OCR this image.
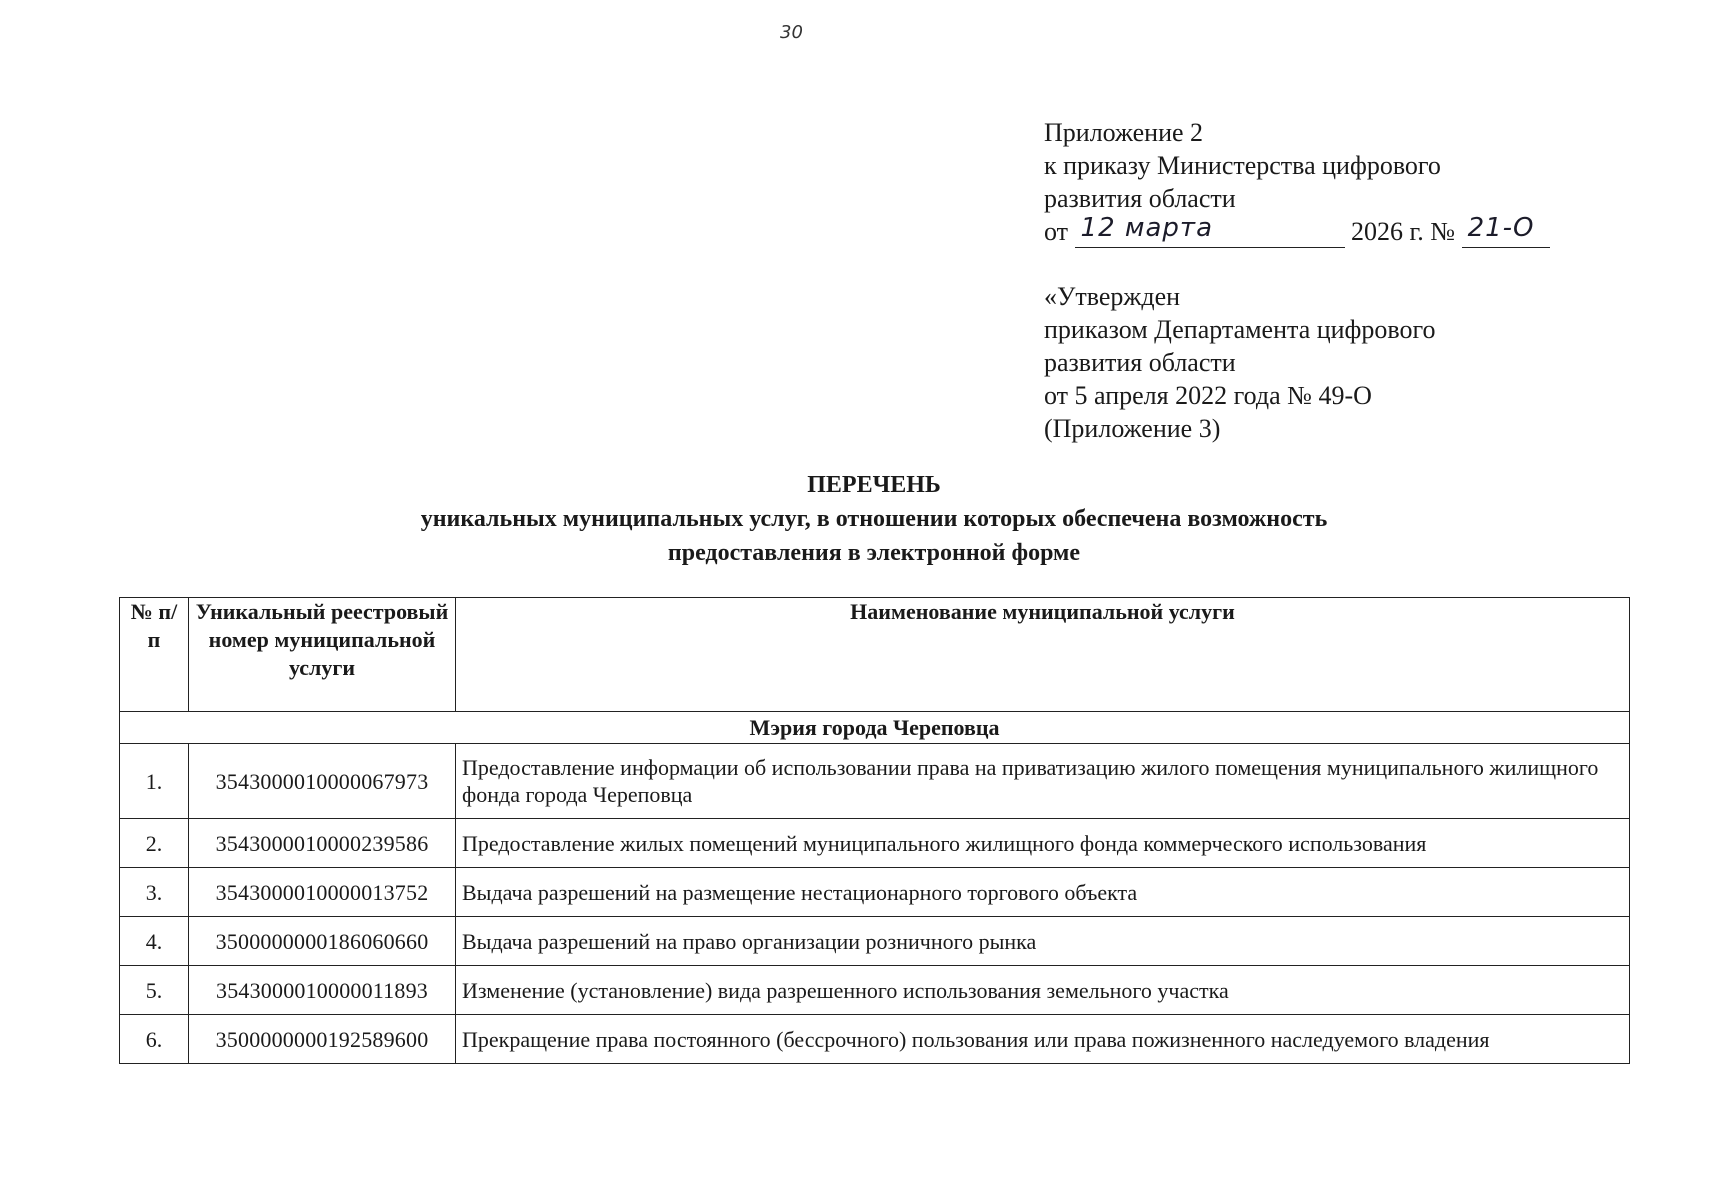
30
Приложение 2
к приказу Министерства цифрового
развития области
от 12 марта	2026 г. № 21-О
«Утвержден
приказом Департамента цифрового
развития области
от 5 апреля 2022 года № 49-О
(Приложение 3)
ПЕРЕЧЕНЬ
уникальных муниципальных услуг, в отношении которых обеспечена возможность
предоставления в электронной форме
№ п/п	Уникальный реестровый номер муниципальной услуги	Наименование муниципальной услуги
Мэрия города Череповца		
1.	3543000010000067973	Предоставление информации об использовании права на приватизацию жилого помещения муниципального жилищного фонда города Череповца
2.	3543000010000239586	Предоставление жилых помещений муниципального жилищного фонда коммерческого использования
3.	3543000010000013752	Выдача разрешений на размещение нестационарного торгового объекта
4.	3500000000186060660	Выдача разрешений на право организации розничного рынка
5.	3543000010000011893	Изменение (установление) вида разрешенного использования земельного участка
6.	3500000000192589600	Прекращение права постоянного (бессрочного) пользования или права пожизненного наследуемого владения
